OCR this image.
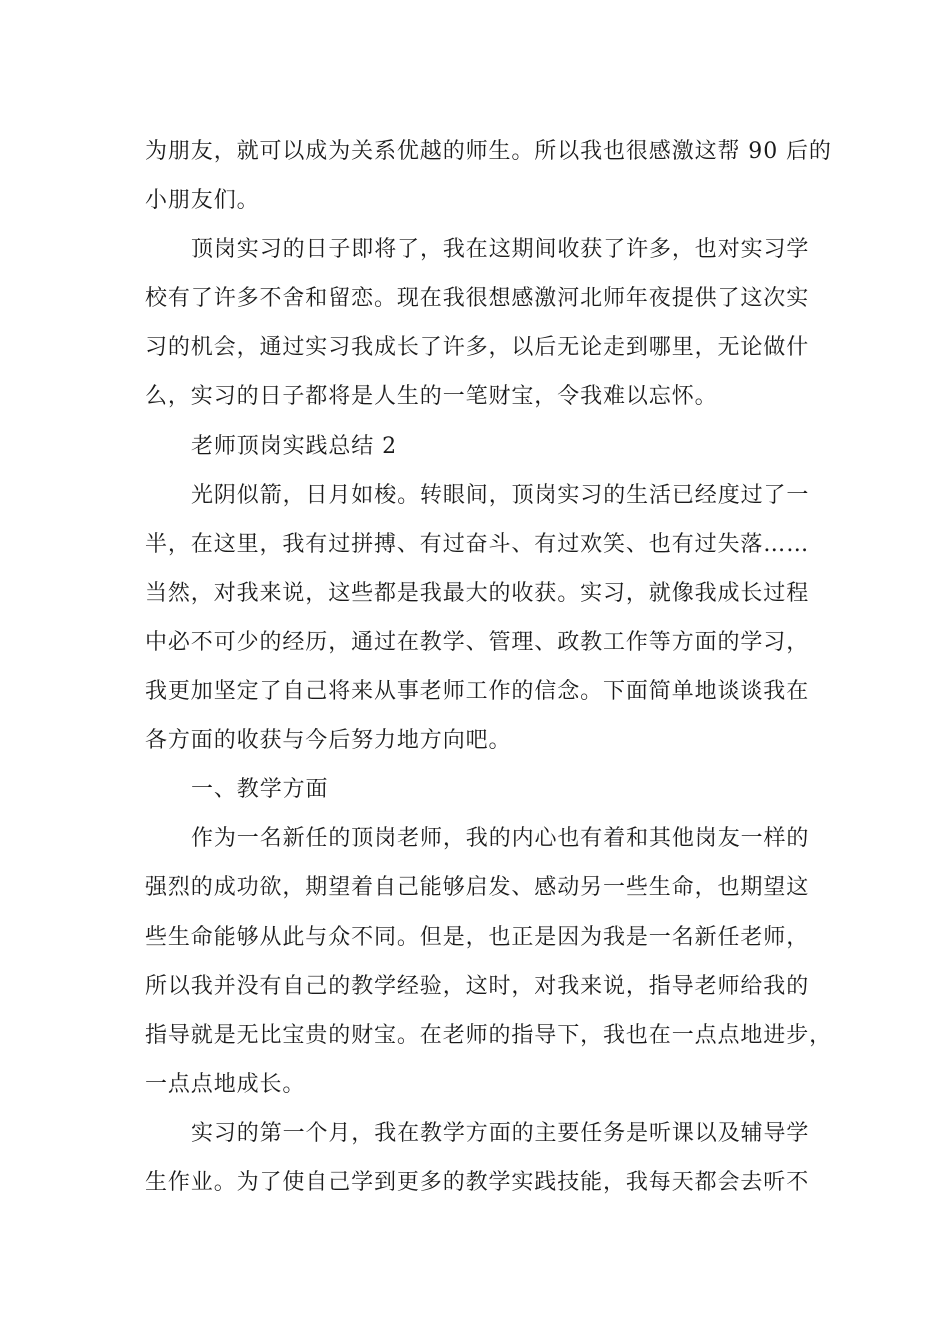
为朋友，就可以成为关系优越的师生。所以我也很感激这帮 90 后的
小朋友们。
顶岗实习的日子即将了，我在这期间收获了许多，也对实习学
校有了许多不舍和留恋。现在我很想感激河北师年夜提供了这次实
习的机会，通过实习我成长了许多，以后无论走到哪里，无论做什
么，实习的日子都将是人生的一笔财宝，令我难以忘怀。
老师顶岗实践总结 2
光阴似箭，日月如梭。转眼间，顶岗实习的生活已经度过了一
半，在这里，我有过拼搏、有过奋斗、有过欢笑、也有过失落……
当然，对我来说，这些都是我最大的收获。实习，就像我成长过程
中必不可少的经历，通过在教学、管理、政教工作等方面的学习，
我更加坚定了自己将来从事老师工作的信念。下面简单地谈谈我在
各方面的收获与今后努力地方向吧。
一、教学方面
作为一名新任的顶岗老师，我的内心也有着和其他岗友一样的
强烈的成功欲，期望着自己能够启发、感动另一些生命，也期望这
些生命能够从此与众不同。但是，也正是因为我是一名新任老师，
所以我并没有自己的教学经验，这时，对我来说，指导老师给我的
指导就是无比宝贵的财宝。在老师的指导下，我也在一点点地进步，
一点点地成长。
实习的第一个月，我在教学方面的主要任务是听课以及辅导学
生作业。为了使自己学到更多的教学实践技能，我每天都会去听不
